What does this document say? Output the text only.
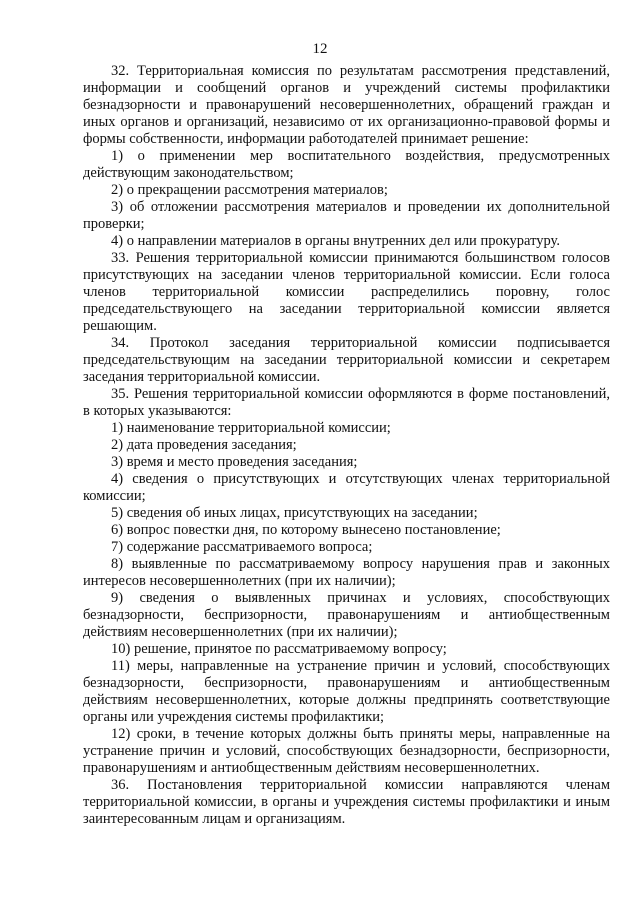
12

32. Территориальная комиссия по результатам рассмотрения представлений, информации и сообщений органов и учреждений системы профилактики безнадзорности и правонарушений несовершеннолетних, обращений граждан и иных органов и организаций, независимо от их организационно-правовой формы и формы собственности, информации работодателей принимает решение:

1) о применении мер воспитательного воздействия, предусмотренных действующим законодательством;

2) о прекращении рассмотрения материалов;

3) об отложении рассмотрения материалов и проведении их дополнительной проверки;

4) о направлении материалов в органы внутренних дел или прокуратуру.

33. Решения территориальной комиссии принимаются большинством голосов присутствующих на заседании членов территориальной комиссии. Если голоса членов территориальной комиссии распределились поровну, голос председательствующего на заседании территориальной комиссии является решающим.

34. Протокол заседания территориальной комиссии подписывается председательствующим на заседании территориальной комиссии и секретарем заседания территориальной комиссии.

35. Решения территориальной комиссии оформляются в форме постановлений, в которых указываются:

1) наименование территориальной комиссии;

2) дата проведения заседания;

3) время и место проведения заседания;

4) сведения о присутствующих и отсутствующих членах территориальной комиссии;

5) сведения об иных лицах, присутствующих на заседании;

6) вопрос повестки дня, по которому вынесено постановление;

7) содержание рассматриваемого вопроса;

8) выявленные по рассматриваемому вопросу нарушения прав и законных интересов несовершеннолетних (при их наличии);

9) сведения о выявленных причинах и условиях, способствующих безнадзорности, беспризорности, правонарушениям и антиобщественным действиям несовершеннолетних (при их наличии);

10) решение, принятое по рассматриваемому вопросу;

11) меры, направленные на устранение причин и условий, способствующих безнадзорности, беспризорности, правонарушениям и антиобщественным действиям несовершеннолетних, которые должны предпринять соответствующие органы или учреждения системы профилактики;

12) сроки, в течение которых должны быть приняты меры, направленные на устранение причин и условий, способствующих безнадзорности, беспризорности, правонарушениям и антиобщественным действиям несовершеннолетних.

36. Постановления территориальной комиссии направляются членам территориальной комиссии, в органы и учреждения системы профилактики и иным заинтересованным лицам и организациям.
